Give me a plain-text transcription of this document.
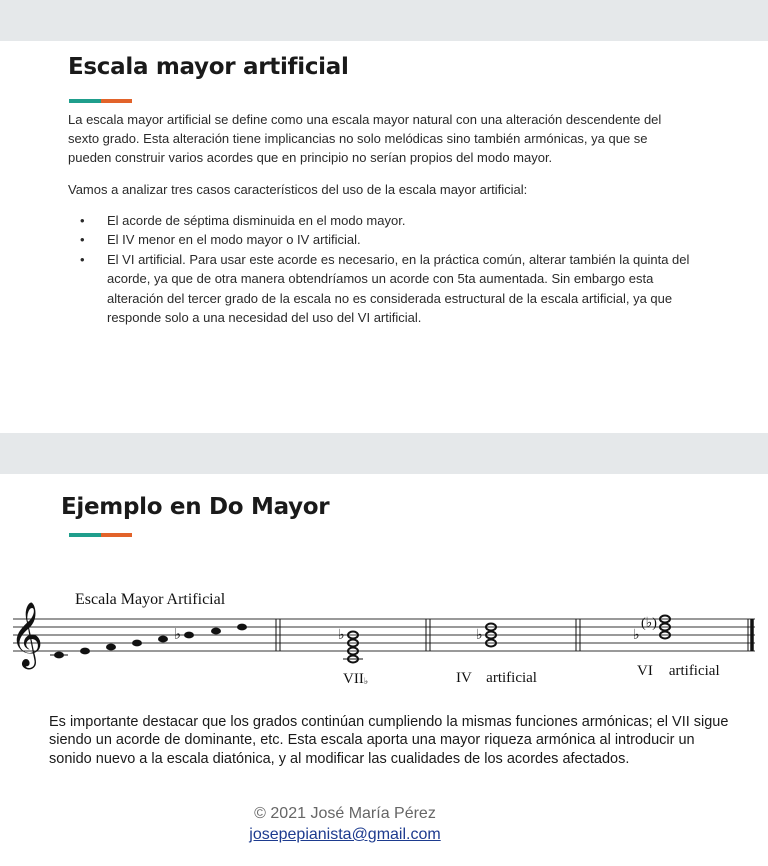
Escala mayor artificial

La escala mayor artificial se define como una escala mayor natural con una alteración descendente del sexto grado. Esta alteración tiene implicancias no solo melódicas sino también armónicas, ya que se pueden construir varios acordes que en principio no serían propios del modo mayor.

Vamos a analizar tres casos característicos del uso de la escala mayor artificial:

• El acorde de séptima disminuida en el modo mayor.
• El IV menor en el modo mayor o IV artificial.
• El VI artificial. Para usar este acorde es necesario, en la práctica común, alterar también la quinta del acorde, ya que de otra manera obtendríamos un acorde con 5ta aumentada. Sin embargo esta alteración del tercer grado de la escala no es considerada estructural de la escala artificial, ya que responde solo a una necesidad del uso del VI artificial.
Ejemplo en Do Mayor
𝄞	♭	♭	♭	♭
(♭)
Escala Mayor Artificial
VII♭	IV artificial	VI artificial

Es importante destacar que los grados continúan cumpliendo la mismas funciones armónicas; el VII sigue siendo un acorde de dominante, etc. Esta escala aporta una mayor riqueza armónica al introducir un sonido nuevo a la escala diatónica, y al modificar las cualidades de los acordes afectados.

© 2021 José María Pérez
josepepianista@gmail.com
